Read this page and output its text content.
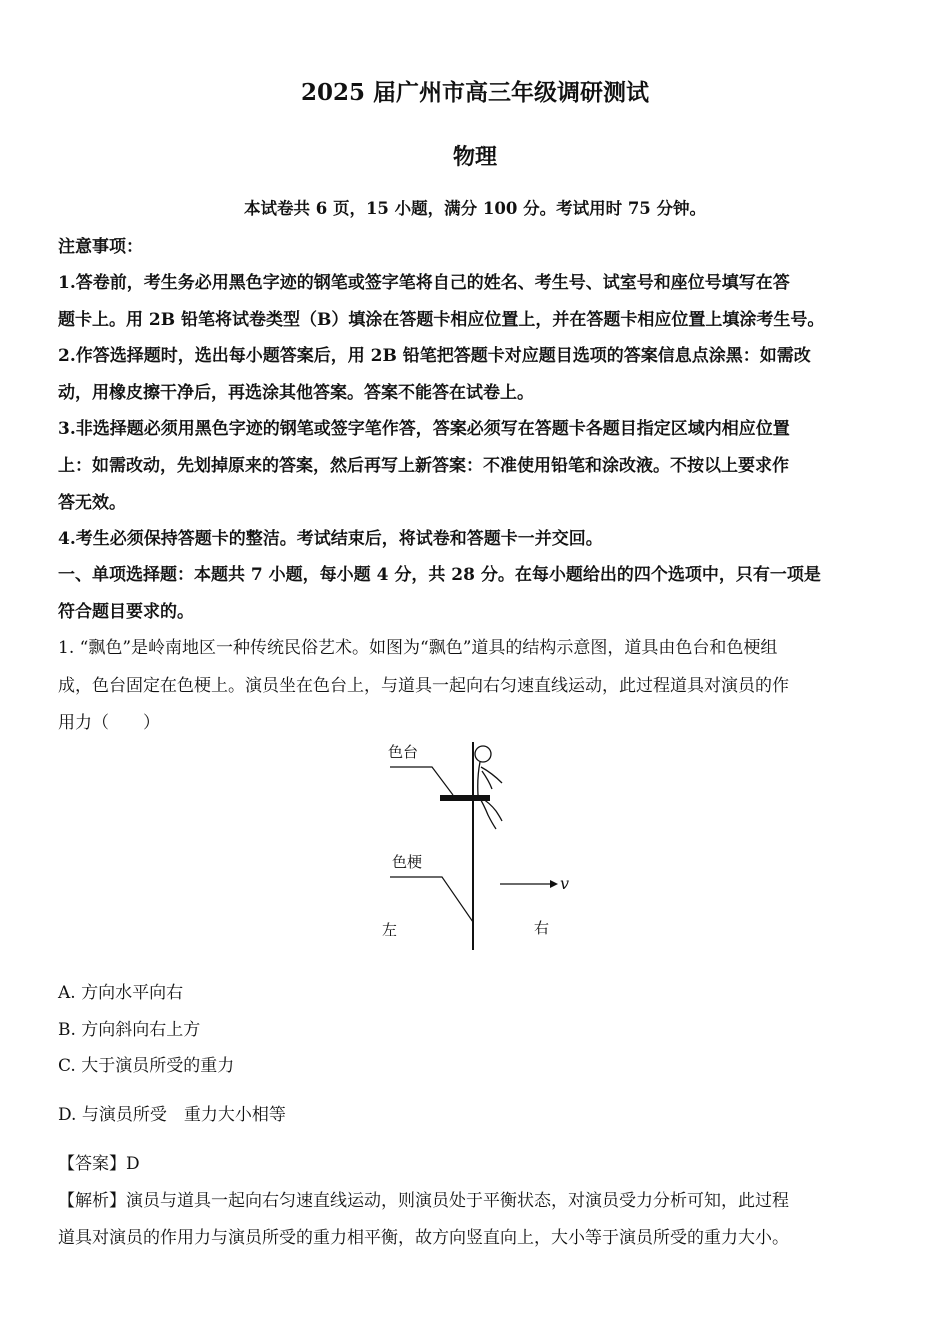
2025 届广州市高三年级调研测试
物理
本试卷共 6 页，15 小题，满分 100 分。考试用时 75 分钟。
注意事项：
1.答卷前，考生务必用黑色字迹的钢笔或签字笔将自己的姓名、考生号、试室号和座位号填写在答
题卡上。用 2B 铅笔将试卷类型（B）填涂在答题卡相应位置上，并在答题卡相应位置上填涂考生号。
2.作答选择题时，选出每小题答案后，用 2B 铅笔把答题卡对应题目选项的答案信息点涂黑：如需改
动，用橡皮擦干净后，再选涂其他答案。答案不能答在试卷上。
3.非选择题必须用黑色字迹的钢笔或签字笔作答，答案必须写在答题卡各题目指定区域内相应位置
上：如需改动，先划掉原来的答案，然后再写上新答案：不准使用铅笔和涂改液。不按以上要求作
答无效。
4.考生必须保持答题卡的整洁。考试结束后，将试卷和答题卡一并交回。
一、单项选择题：本题共 7 小题，每小题 4 分，共 28 分。在每小题给出的四个选项中，只有一项是
符合题目要求的。
1. “飘色”是岭南地区一种传统民俗艺术。如图为“飘色”道具的结构示意图，道具由色台和色梗组
成，色台固定在色梗上。演员坐在色台上，与道具一起向右匀速直线运动，此过程道具对演员的作
用力（　　）
色台
色梗
v
左	右
A. 方向水平向右
B. 方向斜向右上方
C. 大于演员所受的重力
D. 与演员所受　重力大小相等
【答案】D
【解析】演员与道具一起向右匀速直线运动，则演员处于平衡状态，对演员受力分析可知，此过程
道具对演员的作用力与演员所受的重力相平衡，故方向竖直向上，大小等于演员所受的重力大小。
